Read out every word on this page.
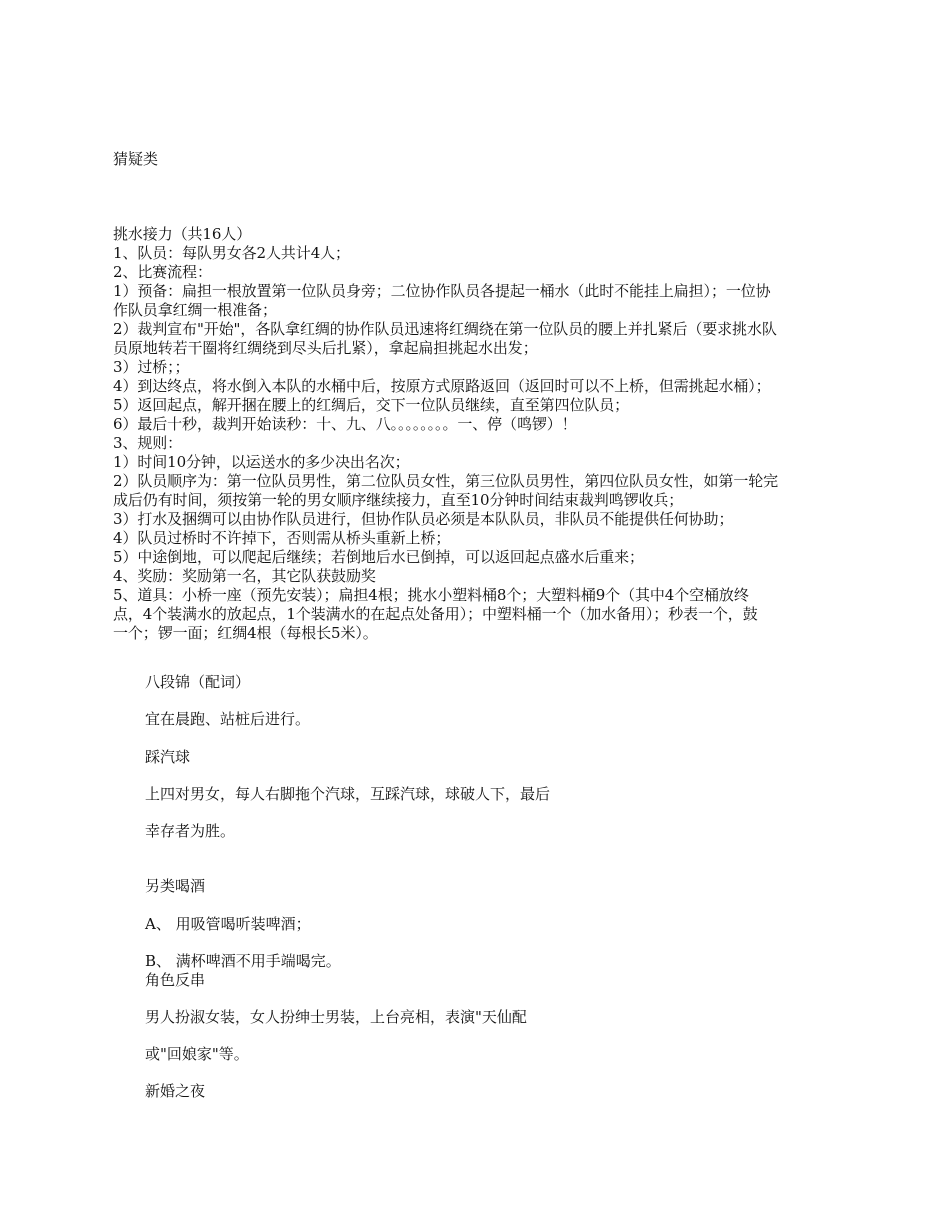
猜疑类
挑水接力（共16人）
1、队员：每队男女各2人共计4人；
2、比赛流程：
1）预备：扁担一根放置第一位队员身旁；二位协作队员各提起一桶水（此时不能挂上扁担）；一位协
作队员拿红绸一根准备；
2）裁判宣布"开始"，各队拿红绸的协作队员迅速将红绸绕在第一位队员的腰上并扎紧后（要求挑水队
员原地转若干圈将红绸绕到尽头后扎紧），拿起扁担挑起水出发；
3）过桥；；
4）到达终点，将水倒入本队的水桶中后，按原方式原路返回（返回时可以不上桥，但需挑起水桶）；
5）返回起点，解开捆在腰上的红绸后，交下一位队员继续，直至第四位队员；
6）最后十秒，裁判开始读秒：十、九、八。。。。。。。。一、停（鸣锣）！
3、规则：
1）时间10分钟，以运送水的多少决出名次；
2）队员顺序为：第一位队员男性，第二位队员女性，第三位队员男性，第四位队员女性，如第一轮完
成后仍有时间，须按第一轮的男女顺序继续接力，直至10分钟时间结束裁判鸣锣收兵；
3）打水及捆绸可以由协作队员进行，但协作队员必须是本队队员，非队员不能提供任何协助；
4）队员过桥时不许掉下，否则需从桥头重新上桥；
5）中途倒地，可以爬起后继续；若倒地后水已倒掉，可以返回起点盛水后重来；
4、奖励：奖励第一名，其它队获鼓励奖
5、道具：小桥一座（预先安装）；扁担4根；挑水小塑料桶8个；大塑料桶9个（其中4个空桶放终
点，4个装满水的放起点，1个装满水的在起点处备用）；中塑料桶一个（加水备用）；秒表一个，鼓
一个；锣一面；红绸4根（每根长5米）。
八段锦（配词）
宜在晨跑、站桩后进行。
踩汽球
上四对男女，每人右脚拖个汽球，互踩汽球，球破人下，最后
幸存者为胜。
另类喝酒
A、 用吸管喝听装啤酒；
B、 满杯啤酒不用手端喝完。
角色反串
男人扮淑女装，女人扮绅士男装，上台亮相，表演"天仙配
或"回娘家"等。
新婚之夜
